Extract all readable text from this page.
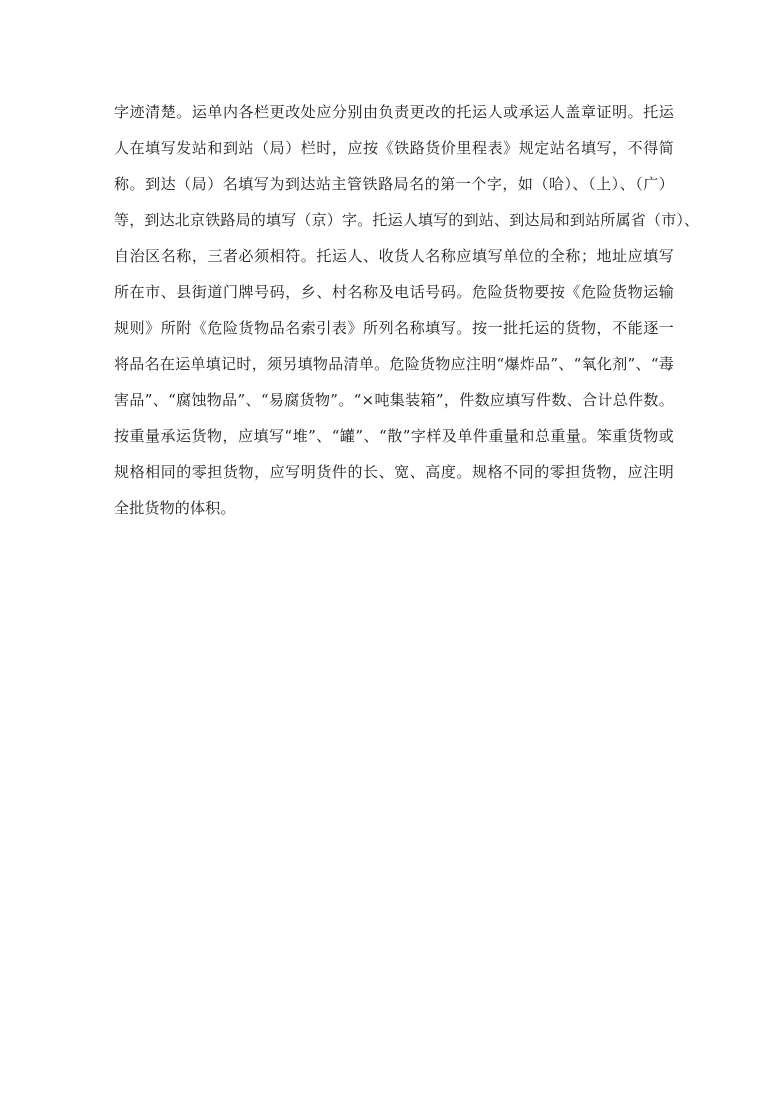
字迹清楚。运单内各栏更改处应分别由负责更改的托运人或承运人盖章证明。托运
人在填写发站和到站（局）栏时，应按《铁路货价里程表》规定站名填写，不得简
称。到达（局）名填写为到达站主管铁路局名的第一个字，如（哈）、（上）、（广）
等，到达北京铁路局的填写（京）字。托运人填写的到站、到达局和到站所属省（市）、
自治区名称，三者必须相符。托运人、收货人名称应填写单位的全称；地址应填写
所在市、县街道门牌号码，乡、村名称及电话号码。危险货物要按《危险货物运输
规则》所附《危险货物品名索引表》所列名称填写。按一批托运的货物，不能逐一
将品名在运单填记时，须另填物品清单。危险货物应注明“爆炸品”、“氧化剂”、“毒
害品”、“腐蚀物品”、“易腐货物”。“×吨集装箱”，件数应填写件数、合计总件数。
按重量承运货物，应填写“堆”、“罐”、“散”字样及单件重量和总重量。笨重货物或
规格相同的零担货物，应写明货件的长、宽、高度。规格不同的零担货物，应注明
全批货物的体积。
